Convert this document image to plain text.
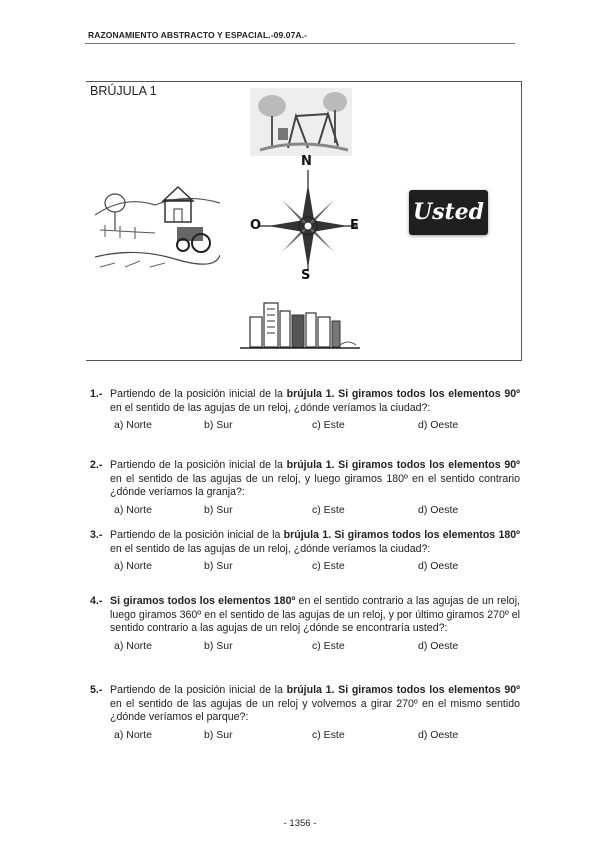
RAZONAMIENTO ABSTRACTO Y ESPACIAL.-09.07A.-
BRÚJULA 1
N
S
O	E
Usted
1.- Partiendo de la posición inicial de la brújula 1. Si giramos todos los elementos 90º en el sentido de las agujas de un reloj, ¿dónde veríamos la ciudad?:
a) Norte	b) Sur	c) Este	d) Oeste
2.- Partiendo de la posición inicial de la brújula 1. Si giramos todos los elementos 90º en el sentido de las agujas de un reloj, y luego giramos 180º en el sentido contrario ¿dónde veríamos la granja?:
a) Norte	b) Sur	c) Este	d) Oeste
3.- Partiendo de la posición inicial de la brújula 1. Si giramos todos los elementos 180º en el sentido de las agujas de un reloj, ¿dónde veríamos la ciudad?:
a) Norte	b) Sur	c) Este	d) Oeste
4.- Si giramos todos los elementos 180º en el sentido contrario a las agujas de un reloj, luego giramos 360º en el sentido de las agujas de un reloj, y por último giramos 270º el sentido contrario a las agujas de un reloj ¿dónde se encontraría usted?:
a) Norte	b) Sur	c) Este	d) Oeste
5.- Partiendo de la posición inicial de la brújula 1. Si giramos todos los elementos 90º en el sentido de las agujas de un reloj y volvemos a girar 270º en el mismo sentido ¿dónde veríamos el parque?:
a) Norte	b) Sur	c) Este	d) Oeste
- 1356 -
